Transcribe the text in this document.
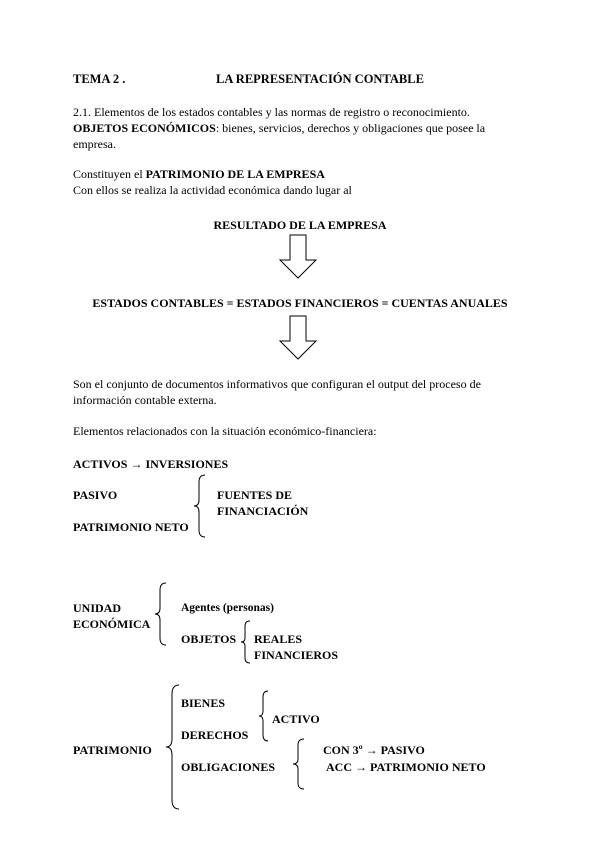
TEMA 2 .	LA REPRESENTACIÓN CONTABLE
2.1. Elementos de los estados contables y las normas de registro o reconocimiento.
OBJETOS ECONÓMICOS: bienes, servicios, derechos y obligaciones que posee la
empresa.
Constituyen el PATRIMONIO DE LA EMPRESA
Con ellos se realiza la actividad económica dando lugar al
RESULTADO DE LA EMPRESA
ESTADOS CONTABLES = ESTADOS FINANCIEROS = CUENTAS ANUALES
Son el conjunto de documentos informativos que configuran el output del proceso de
información contable externa.
Elementos relacionados con la situación económico-financiera:
ACTIVOS → INVERSIONES
PASIVO
PATRIMONIO NETO
FUENTES DE
FINANCIACIÓN
UNIDAD
ECONÓMICA
Agentes (personas)
OBJETOS REALES
FINANCIEROS
PATRIMONIO
BIENES
DERECHOS
ACTIVO
OBLIGACIONES
CON 3º → PASIVO
ACC → PATRIMONIO NETO
